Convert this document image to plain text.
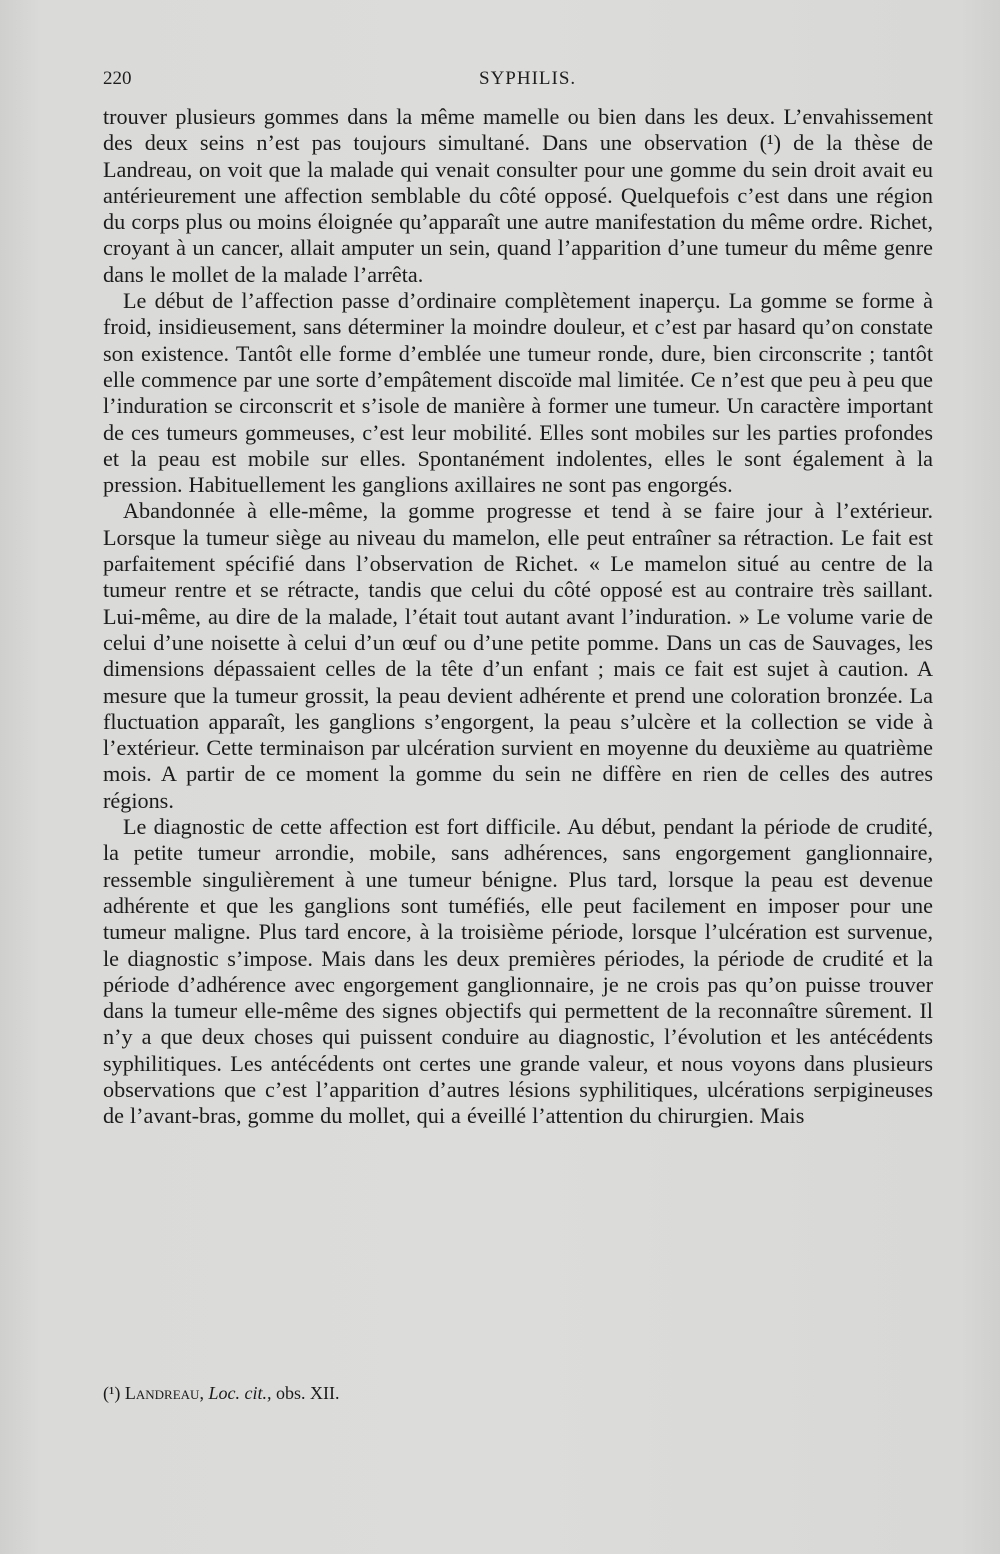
220	SYPHILIS.

trouver plusieurs gommes dans la même mamelle ou bien dans les deux. L’envahissement des deux seins n’est pas toujours simultané. Dans une observation (¹) de la thèse de Landreau, on voit que la malade qui venait consulter pour une gomme du sein droit avait eu antérieurement une affection semblable du côté opposé. Quelquefois c’est dans une région du corps plus ou moins éloignée qu’apparaît une autre manifestation du même ordre. Richet, croyant à un cancer, allait amputer un sein, quand l’apparition d’une tumeur du même genre dans le mollet de la malade l’arrêta.

Le début de l’affection passe d’ordinaire complètement inaperçu. La gomme se forme à froid, insidieusement, sans déterminer la moindre douleur, et c’est par hasard qu’on constate son existence. Tantôt elle forme d’emblée une tumeur ronde, dure, bien circonscrite ; tantôt elle commence par une sorte d’empâtement discoïde mal limitée. Ce n’est que peu à peu que l’induration se circonscrit et s’isole de manière à former une tumeur. Un caractère important de ces tumeurs gommeuses, c’est leur mobilité. Elles sont mobiles sur les parties profondes et la peau est mobile sur elles. Spontanément indolentes, elles le sont également à la pression. Habituellement les ganglions axillaires ne sont pas engorgés.

Abandonnée à elle-même, la gomme progresse et tend à se faire jour à l’extérieur. Lorsque la tumeur siège au niveau du mamelon, elle peut entraîner sa rétraction. Le fait est parfaitement spécifié dans l’observation de Richet. « Le mamelon situé au centre de la tumeur rentre et se rétracte, tandis que celui du côté opposé est au contraire très saillant. Lui-même, au dire de la malade, l’était tout autant avant l’induration. » Le volume varie de celui d’une noisette à celui d’un œuf ou d’une petite pomme. Dans un cas de Sauvages, les dimensions dépassaient celles de la tête d’un enfant ; mais ce fait est sujet à caution. A mesure que la tumeur grossit, la peau devient adhérente et prend une coloration bronzée. La fluctuation apparaît, les ganglions s’engorgent, la peau s’ulcère et la collection se vide à l’extérieur. Cette terminaison par ulcération survient en moyenne du deuxième au quatrième mois. A partir de ce moment la gomme du sein ne diffère en rien de celles des autres régions.

Le diagnostic de cette affection est fort difficile. Au début, pendant la période de crudité, la petite tumeur arrondie, mobile, sans adhérences, sans engorgement ganglionnaire, ressemble singulièrement à une tumeur bénigne. Plus tard, lorsque la peau est devenue adhérente et que les ganglions sont tuméfiés, elle peut facilement en imposer pour une tumeur maligne. Plus tard encore, à la troisième période, lorsque l’ulcération est survenue, le diagnostic s’impose. Mais dans les deux premières périodes, la période de crudité et la période d’adhérence avec engorgement ganglionnaire, je ne crois pas qu’on puisse trouver dans la tumeur elle-même des signes objectifs qui permettent de la reconnaître sûrement. Il n’y a que deux choses qui puissent conduire au diagnostic, l’évolution et les antécédents syphilitiques. Les antécédents ont certes une grande valeur, et nous voyons dans plusieurs observations que c’est l’apparition d’autres lésions syphilitiques, ulcérations serpigineuses de l’avant-bras, gomme du mollet, qui a éveillé l’attention du chirurgien. Mais

(¹) Landreau, Loc. cit., obs. XII.
